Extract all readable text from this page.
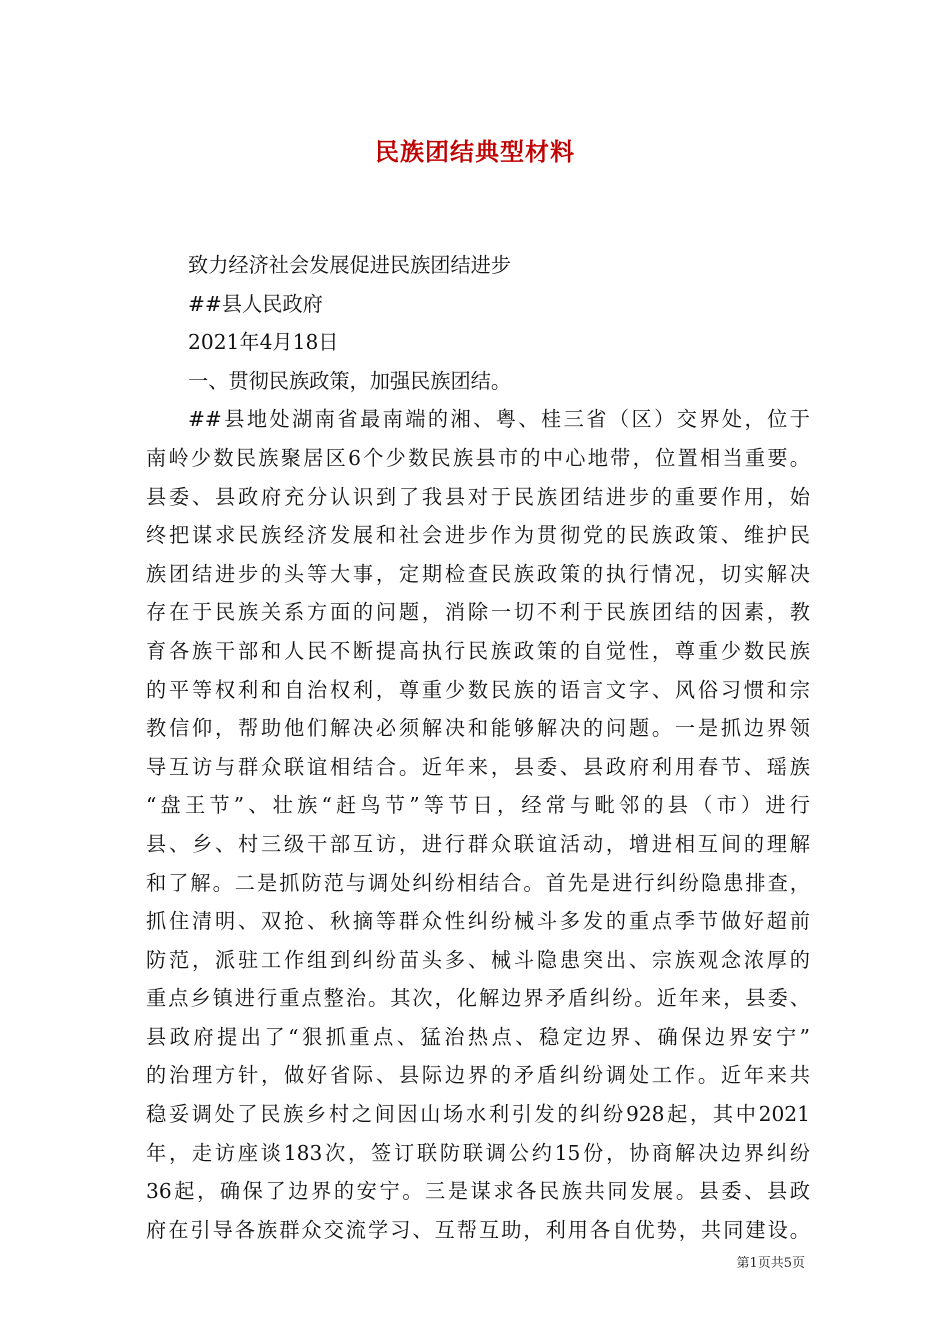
民族团结典型材料

致力经济社会发展促进民族团结进步

##县人民政府

2021年4月18日

一、贯彻民族政策，加强民族团结。

##县地处湖南省最南端的湘、粤、桂三省（区）交界处，位于

南岭少数民族聚居区6个少数民族县市的中心地带，位置相当重要。

县委、县政府充分认识到了我县对于民族团结进步的重要作用，始

终把谋求民族经济发展和社会进步作为贯彻党的民族政策、维护民

族团结进步的头等大事，定期检查民族政策的执行情况，切实解决

存在于民族关系方面的问题，消除一切不利于民族团结的因素，教

育各族干部和人民不断提高执行民族政策的自觉性，尊重少数民族

的平等权利和自治权利，尊重少数民族的语言文字、风俗习惯和宗

教信仰，帮助他们解决必须解决和能够解决的问题。一是抓边界领

导互访与群众联谊相结合。近年来，县委、县政府利用春节、瑶族

“盘王节”、壮族“赶鸟节”等节日，经常与毗邻的县（市）进行

县、乡、村三级干部互访，进行群众联谊活动，增进相互间的理解

和了解。二是抓防范与调处纠纷相结合。首先是进行纠纷隐患排查，

抓住清明、双抢、秋摘等群众性纠纷械斗多发的重点季节做好超前

防范，派驻工作组到纠纷苗头多、械斗隐患突出、宗族观念浓厚的

重点乡镇进行重点整治。其次，化解边界矛盾纠纷。近年来，县委、

县政府提出了“狠抓重点、猛治热点、稳定边界、确保边界安宁”

的治理方针，做好省际、县际边界的矛盾纠纷调处工作。近年来共

稳妥调处了民族乡村之间因山场水利引发的纠纷928起，其中2021

年，走访座谈183次，签订联防联调公约15份，协商解决边界纠纷

36起，确保了边界的安宁。三是谋求各民族共同发展。县委、县政

府在引导各族群众交流学习、互帮互助，利用各自优势，共同建设。

第1页共5页
